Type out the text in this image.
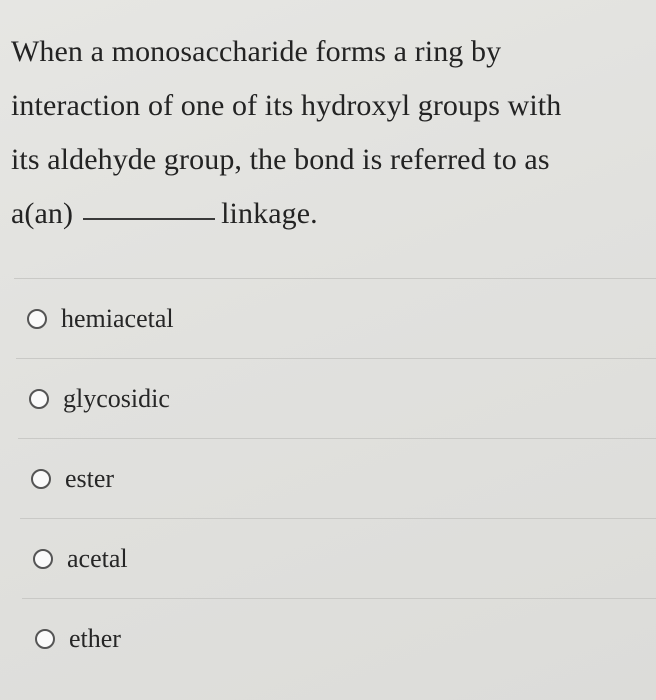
When a monosaccharide forms a ring by
interaction of one of its hydroxyl groups with
its aldehyde group, the bond is referred to as
a(an)	linkage.
hemiacetal
glycosidic
ester
acetal
ether
